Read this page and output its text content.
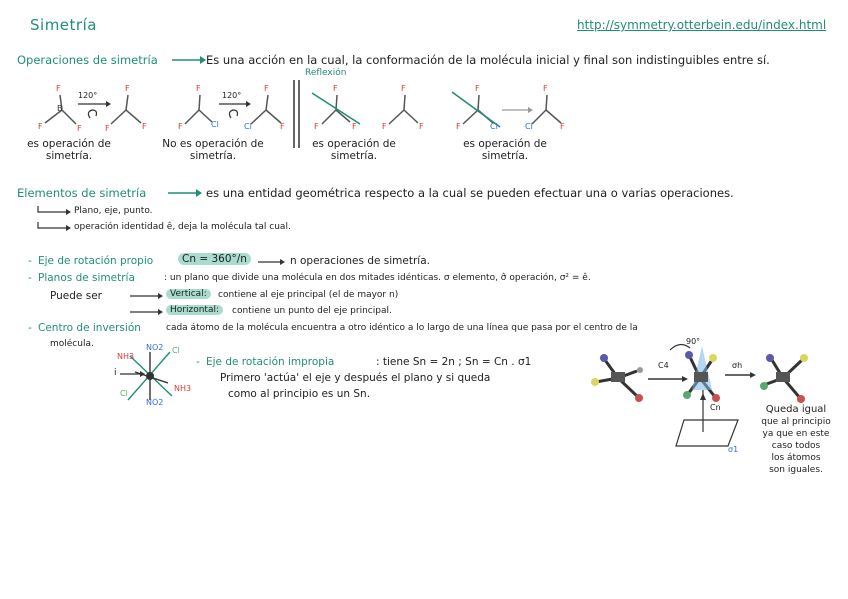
Simetría	http://symmetry.otterbein.edu/index.html
Operaciones de simetría	Es una acción en la cual, la conformación de la molécula inicial y final son indistinguibles entre sí.
Reflexión
F
B
F	F
F
F	F
F
F	Cl
F
Cl	F
F
F	F
F
F	F
F
F	Cl
F
Cl	F
120°	120°
es operación de simetría.
No es operación de simetría.
es operación de simetría.
es operación de simetría.
Elementos de simetría	es una entidad geométrica respecto a la cual se pueden efectuar una o varias operaciones.
Plano, eje, punto.
operación identidad ê, deja la molécula tal cual.
- Eje de rotación propio	Cn = 360°/n	n operaciones de simetría.
- Planos de simetría	: un plano que divide una molécula en dos mitades idénticas. σ elemento, σ̂ operación, σ² = ê.
Puede ser	Vertical:	contiene al eje principal (el de mayor n)
Horizontal:	contiene un punto del eje principal.
- Centro de inversión	cada átomo de la molécula encuentra a otro idéntico a lo largo de una línea que pasa por el centro de la
molécula.	NO2 Cl
NH3
Cl
NH3
NO2
i
- Eje de rotación impropia	: tiene Sn = 2n ; Sn = Cn . σ1
Primero 'actúa' el eje y después el plano y si queda
como al principio es un Sn.
C4
90°
σh
Cn
σ1
Queda igual
que al principio
ya que en este
caso todos
los átomos
son iguales.
